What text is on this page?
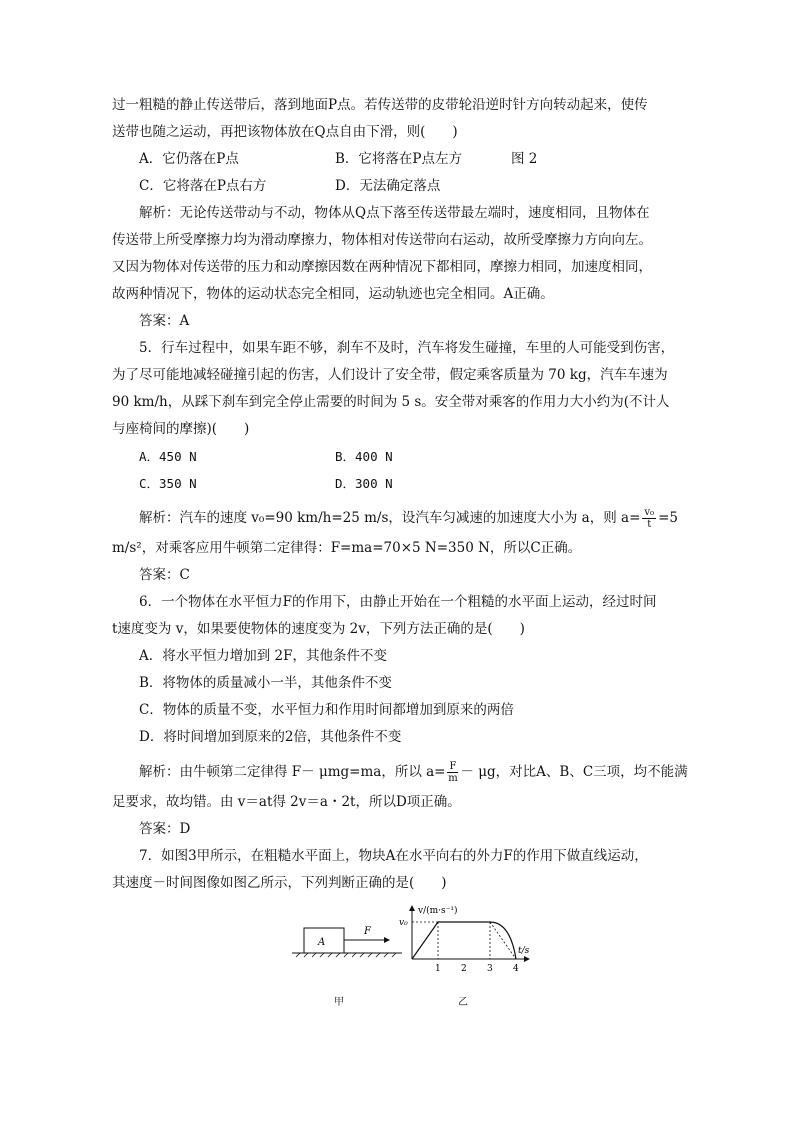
过一粗糙的静止传送带后，落到地面P点。若传送带的皮带轮沿逆时针方向转动起来，使传
送带也随之运动，再把该物体放在Q点自由下滑，则(　　)
A．它仍落在P点	B．它将落在P点左方	图 2
C．它将落在P点右方	D．无法确定落点
解析：无论传送带动与不动，物体从Q点下落至传送带最左端时，速度相同，且物体在
传送带上所受摩擦力均为滑动摩擦力，物体相对传送带向右运动，故所受摩擦力方向向左。
又因为物体对传送带的压力和动摩擦因数在两种情况下都相同，摩擦力相同，加速度相同，
故两种情况下，物体的运动状态完全相同，运动轨迹也完全相同。A正确。
答案：A
5．行车过程中，如果车距不够，刹车不及时，汽车将发生碰撞，车里的人可能受到伤害，
为了尽可能地减轻碰撞引起的伤害，人们设计了安全带，假定乘客质量为 70 kg，汽车车速为
90 km/h，从踩下刹车到完全停止需要的时间为 5 s。安全带对乘客的作用力大小约为(不计人
与座椅间的摩擦)(　　)
A．450 N	B．400 N
C．350 N	D．300 N
解析：汽车的速度 v₀=90 km/h=25 m/s，设汽车匀减速的加速度大小为 a，则 $a= \frac{\text{v₀}}{t} =5$
m/s²，对乘客应用牛顿第二定律得：F=ma=70×5 N=350 N，所以C正确。
答案：C
6．一个物体在水平恒力F的作用下，由静止开始在一个粗糙的水平面上运动，经过时间
t速度变为 v，如果要使物体的速度变为 2v，下列方法正确的是(　　)
A．将水平恒力增加到 2F，其他条件不变
B．将物体的质量减小一半，其他条件不变
C．物体的质量不变，水平恒力和作用时间都增加到原来的两倍
D．将时间增加到原来的2倍，其他条件不变
解析：由牛顿第二定律得 F－ μmg=ma，所以 $a= \frac{F}{m} - \mu g$，对比A、B、C三项，均不能满
足要求，故均错。由 v＝at得 2v＝a・2t，所以D项正确。
答案：D
7．如图3甲所示，在粗糙水平面上，物块A在水平向右的外力F的作用下做直线运动，
其速度－时间图像如图乙所示，下列判断正确的是(　　)
A
F
v/(m·s⁻¹)
v₀
1 2 3 4
t/s
甲	乙
